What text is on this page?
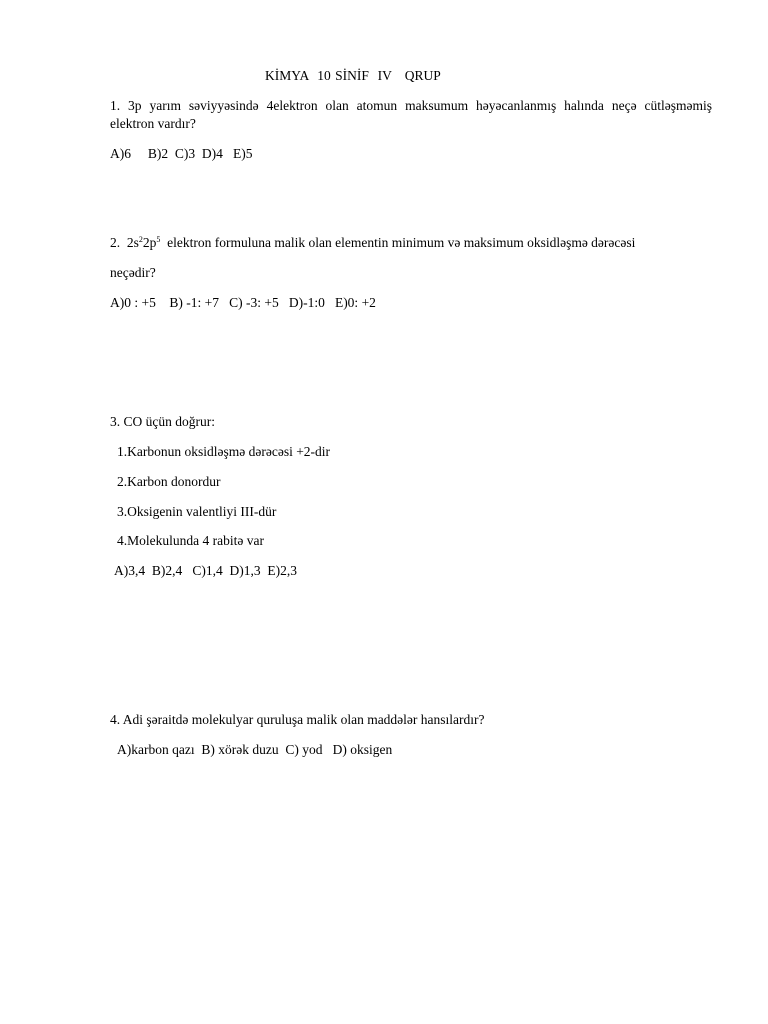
KİMYA  10 SİNİF  IV   QRUP
1. 3p yarım səviyyəsində 4elektron olan atomun maksumum həyəcanlanmış halında neçə cütləşməmiş
elektron vardır?
A)6     B)2  C)3  D)4   E)5
2.  $2s^22p^5$  elektron formuluna malik olan elementin minimum və maksimum oksidləşmə dərəcəsi
neçədir?
A)0 : +5    B) -1: +7   C) -3: +5   D)-1:0   E)0: +2
3. CO üçün doğrur:
1.Karbonun oksidləşmə dərəcəsi +2-dir
2.Karbon donordur
3.Oksigenin valentliyi III-dür
4.Molekulunda 4 rabitə var
A)3,4  B)2,4   C)1,4  D)1,3  E)2,3
4. Adi şəraitdə molekulyar quruluşa malik olan maddələr hansılardır?
A)karbon qazı  B) xörək duzu  C) yod   D) oksigen
